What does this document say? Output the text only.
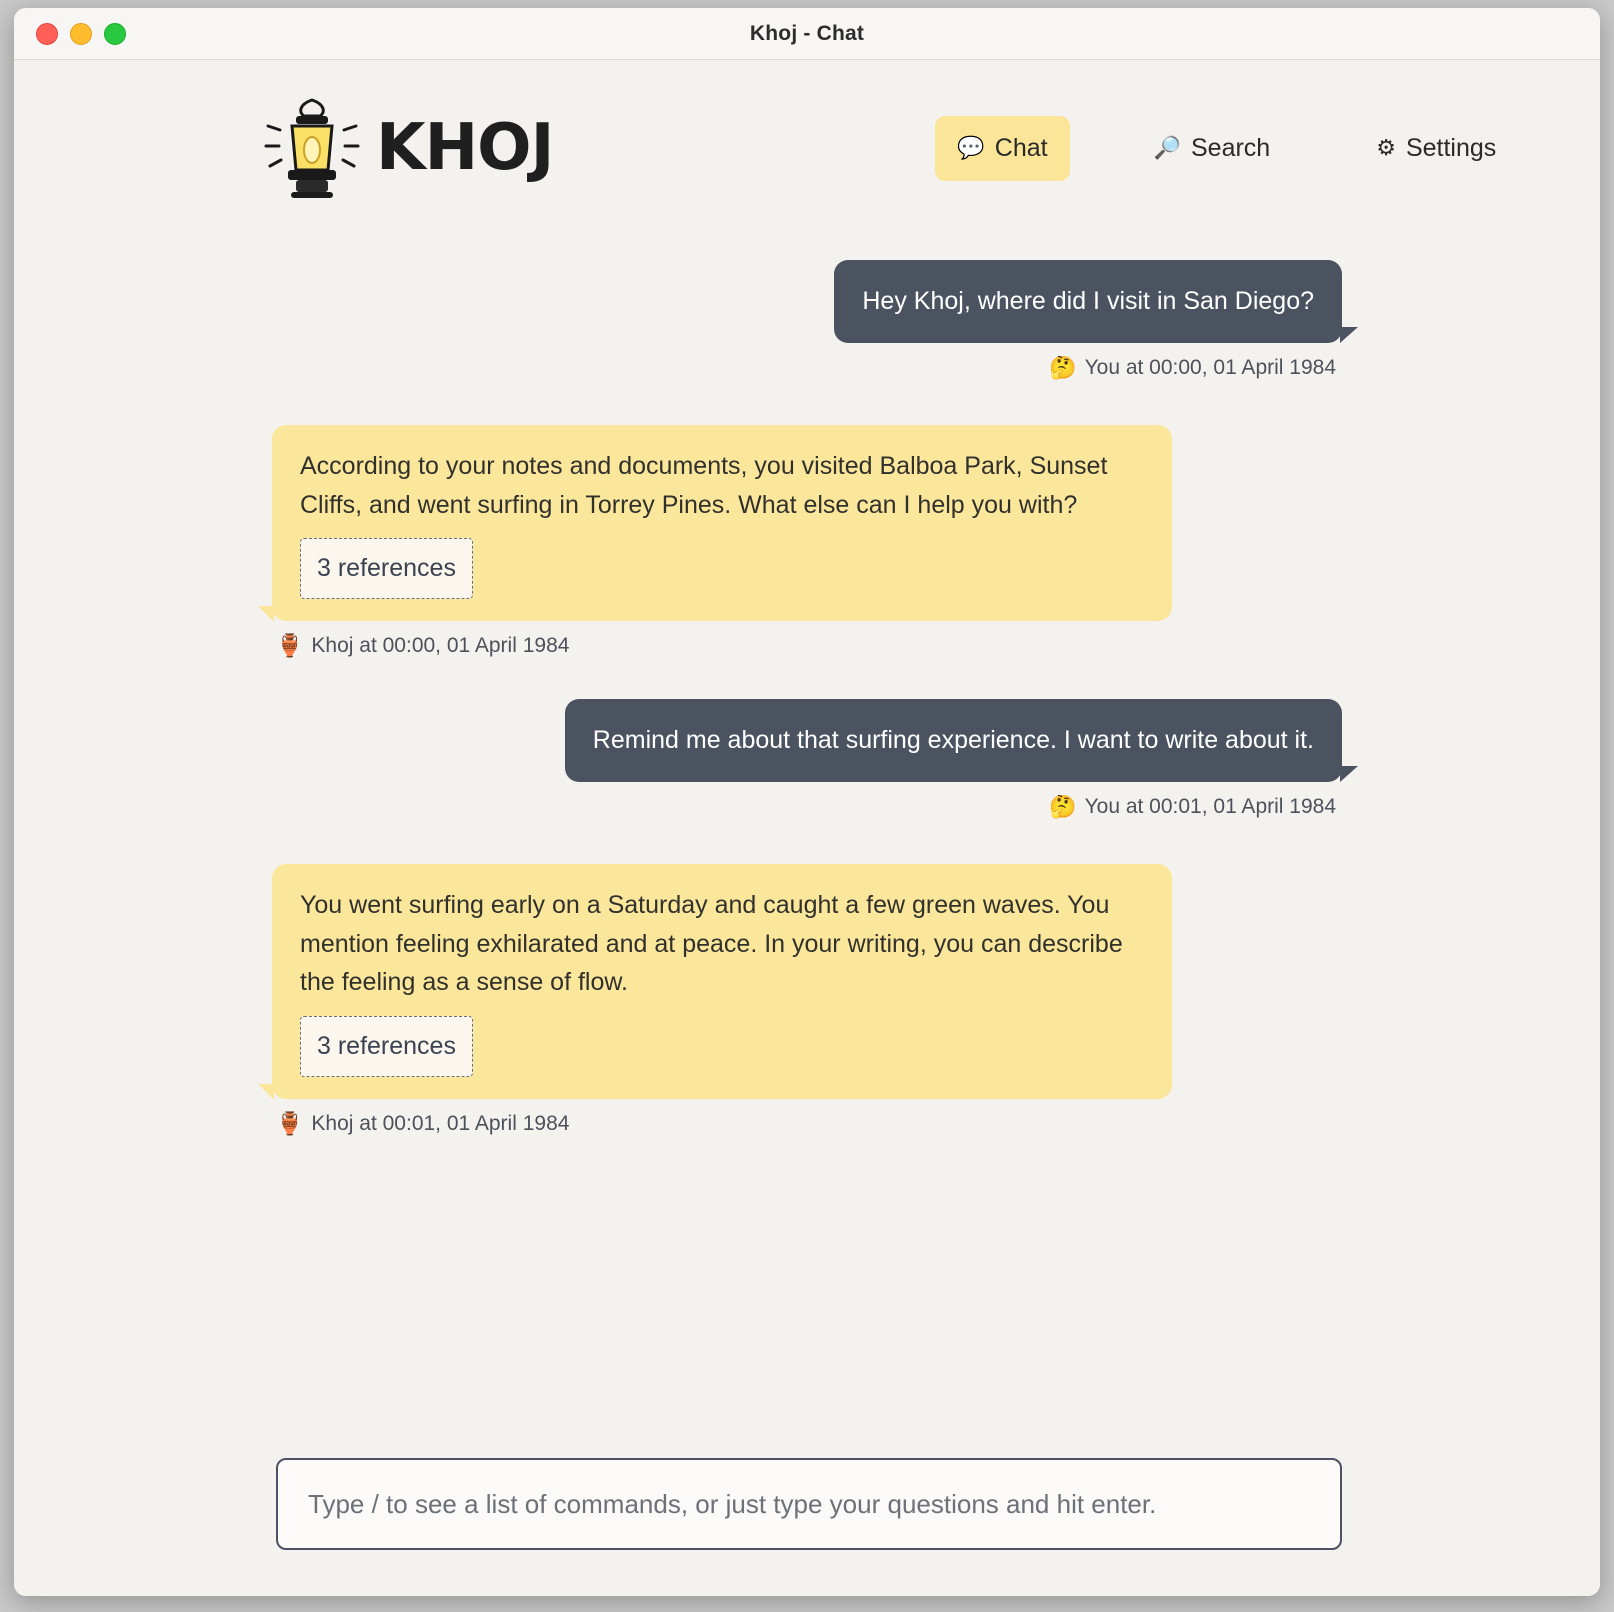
Khoj - Chat
KHOJ	💬 Chat	🔎 Search	⚙ Settings
Hey Khoj, where did I visit in San Diego?
🤔 You at 00:00, 01 April 1984
According to your notes and documents, you visited Balboa Park, Sunset Cliffs, and went surfing in Torrey Pines. What else can I help you with?
3 references
🏺 Khoj at 00:00, 01 April 1984
Remind me about that surfing experience. I want to write about it.
🤔 You at 00:01, 01 April 1984
You went surfing early on a Saturday and caught a few green waves. You mention feeling exhilarated and at peace. In your writing, you can describe the feeling as a sense of flow.
3 references
🏺 Khoj at 00:01, 01 April 1984
Type / to see a list of commands, or just type your questions and hit enter.
